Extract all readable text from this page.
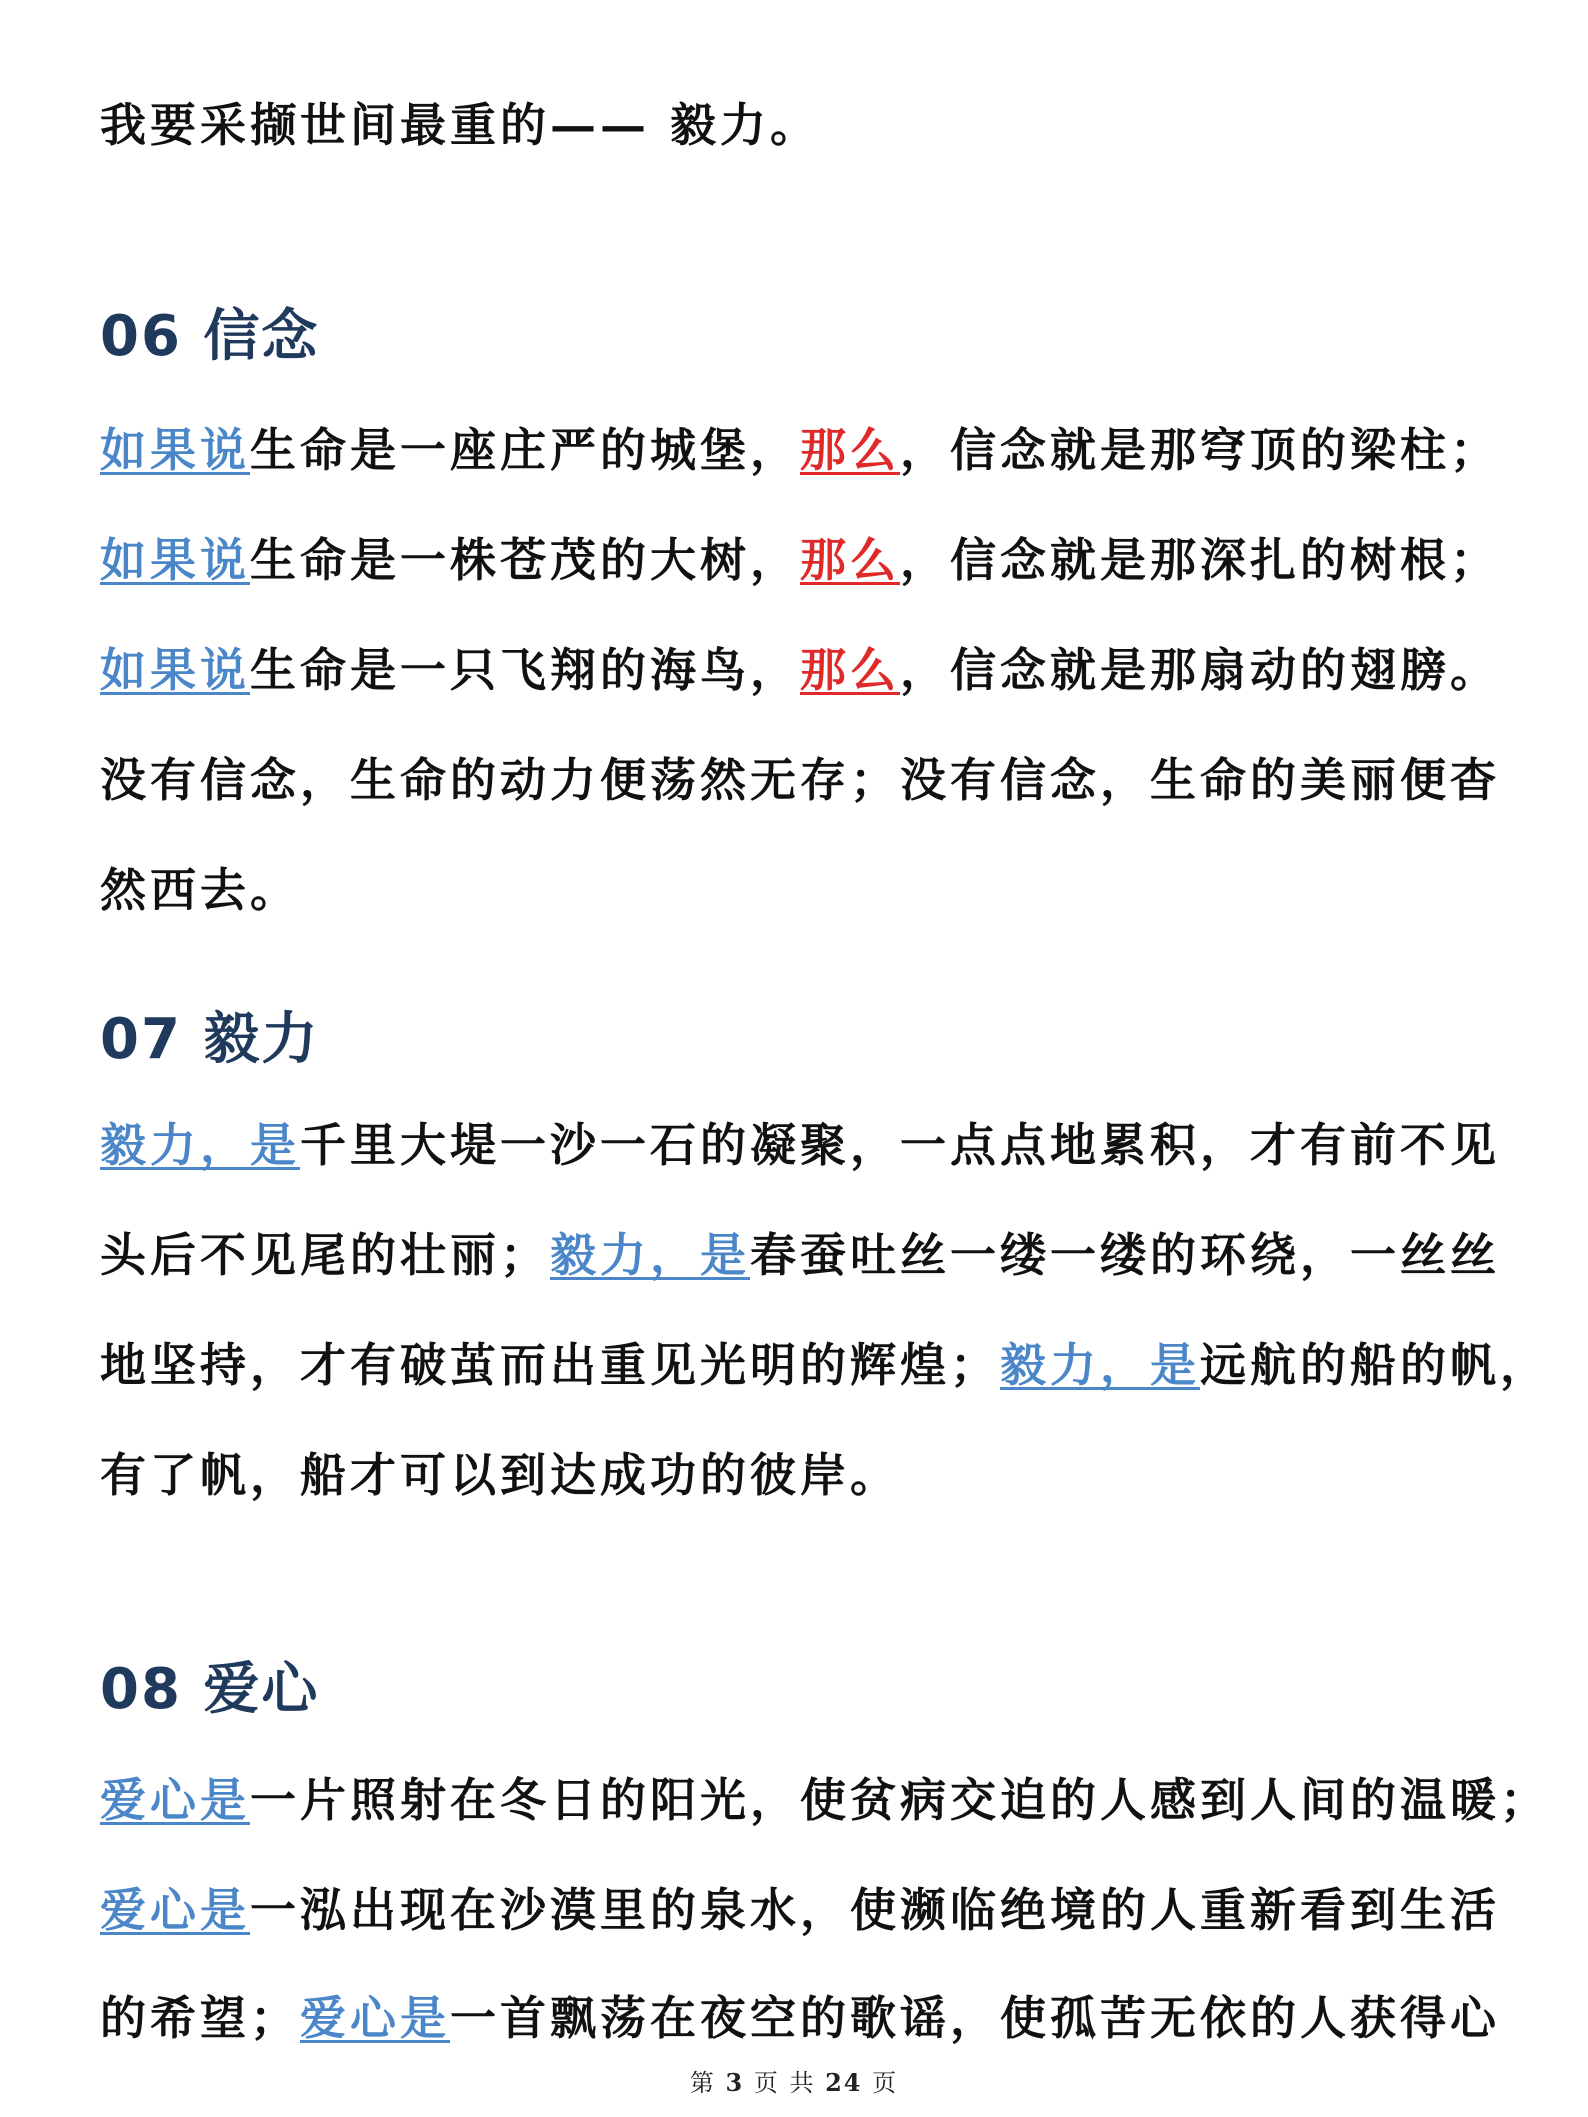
我要采撷世间最重的—— 毅力。
06 信念
如果说生命是一座庄严的城堡，那么，信念就是那穹顶的梁柱；
如果说生命是一株苍茂的大树，那么，信念就是那深扎的树根；
如果说生命是一只飞翔的海鸟，那么，信念就是那扇动的翅膀。
没有信念，生命的动力便荡然无存；没有信念，生命的美丽便杳
然西去。
07 毅力
毅力，是千里大堤一沙一石的凝聚，一点点地累积，才有前不见
头后不见尾的壮丽；毅力，是春蚕吐丝一缕一缕的环绕，一丝丝
地坚持，才有破茧而出重见光明的辉煌；毅力，是远航的船的帆，
有了帆，船才可以到达成功的彼岸。
08 爱心
爱心是一片照射在冬日的阳光，使贫病交迫的人感到人间的温暖；
爱心是一泓出现在沙漠里的泉水，使濒临绝境的人重新看到生活
的希望；爱心是一首飘荡在夜空的歌谣，使孤苦无依的人获得心
第 3 页 共 24 页
